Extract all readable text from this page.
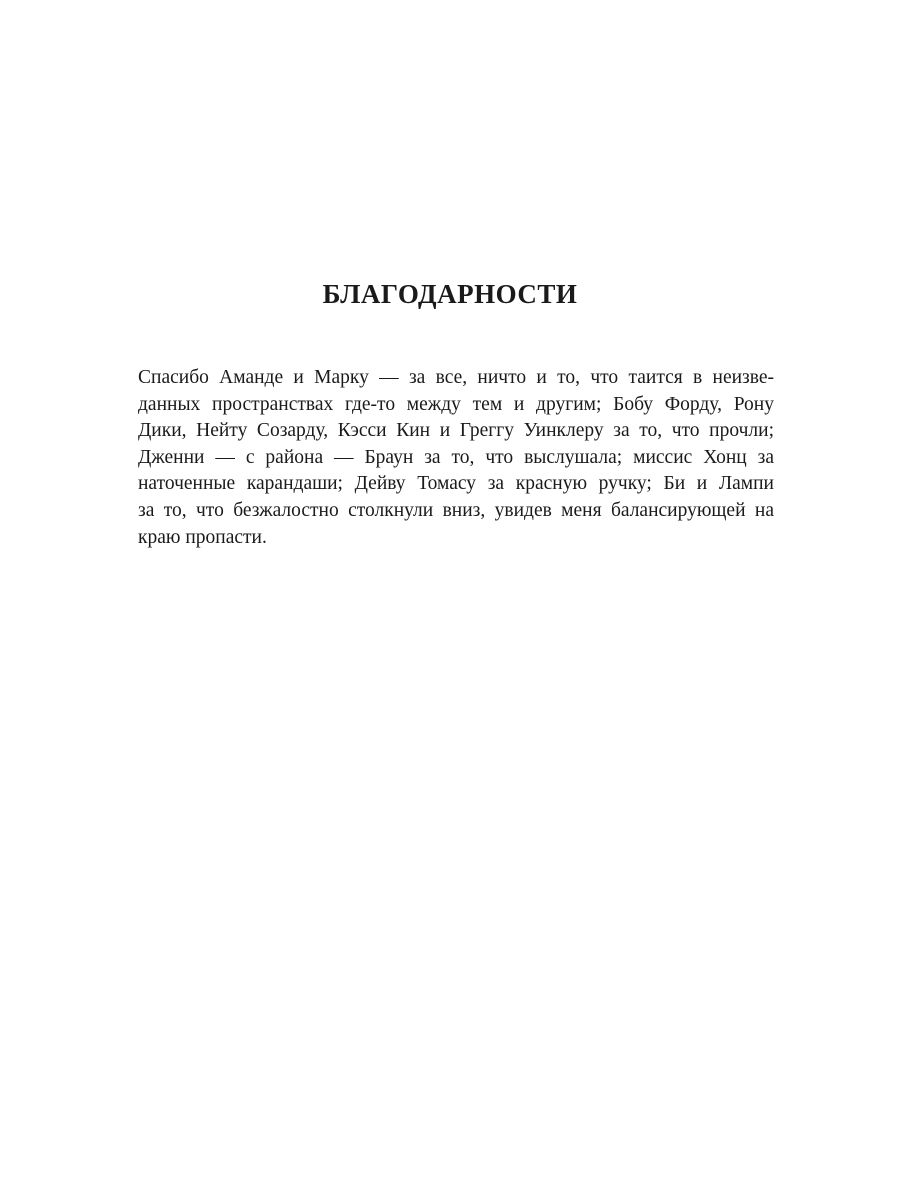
БЛАГОДАРНОСТИ
Спасибо Аманде и Марку — за все, ничто и то, что таится в неизве-
данных пространствах где-то между тем и другим; Бобу Форду, Рону
Дики, Нейту Созарду, Кэсси Кин и Греггу Уинклеру за то, что прочли;
Дженни — с района — Браун за то, что выслушала; миссис Хонц за
наточенные карандаши; Дейву Томасу за красную ручку; Би и Лампи
за то, что безжалостно столкнули вниз, увидев меня балансирующей на
краю пропасти.
